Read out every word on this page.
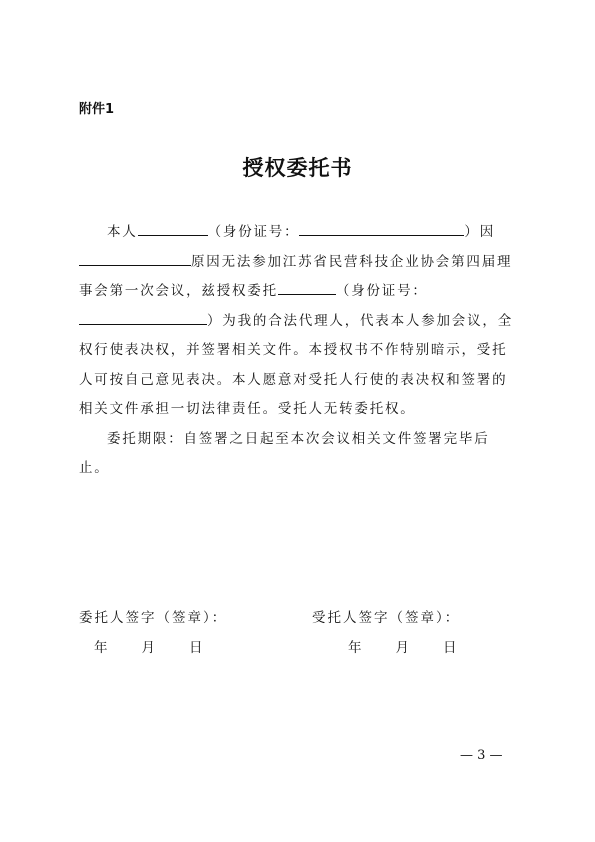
附件1
授权委托书
本人	（身份证号：	）因原因无法参加江苏省民营科技企业协会第四届理事会第一次会议，兹授权委托	（身份证号：）为我的合法代理人，代表本人参加会议，全权行使表决权，并签署相关文件。本授权书不作特别暗示，受托人可按自己意见表决。本人愿意对受托人行使的表决权和签署的相关文件承担一切法律责任。受托人无转委托权。
委托期限：自签署之日起至本次会议相关文件签署完毕后止。
委托人签字（签章）：	受托人签字（签章）：
年	月	日	年	月	日
— 3 —
